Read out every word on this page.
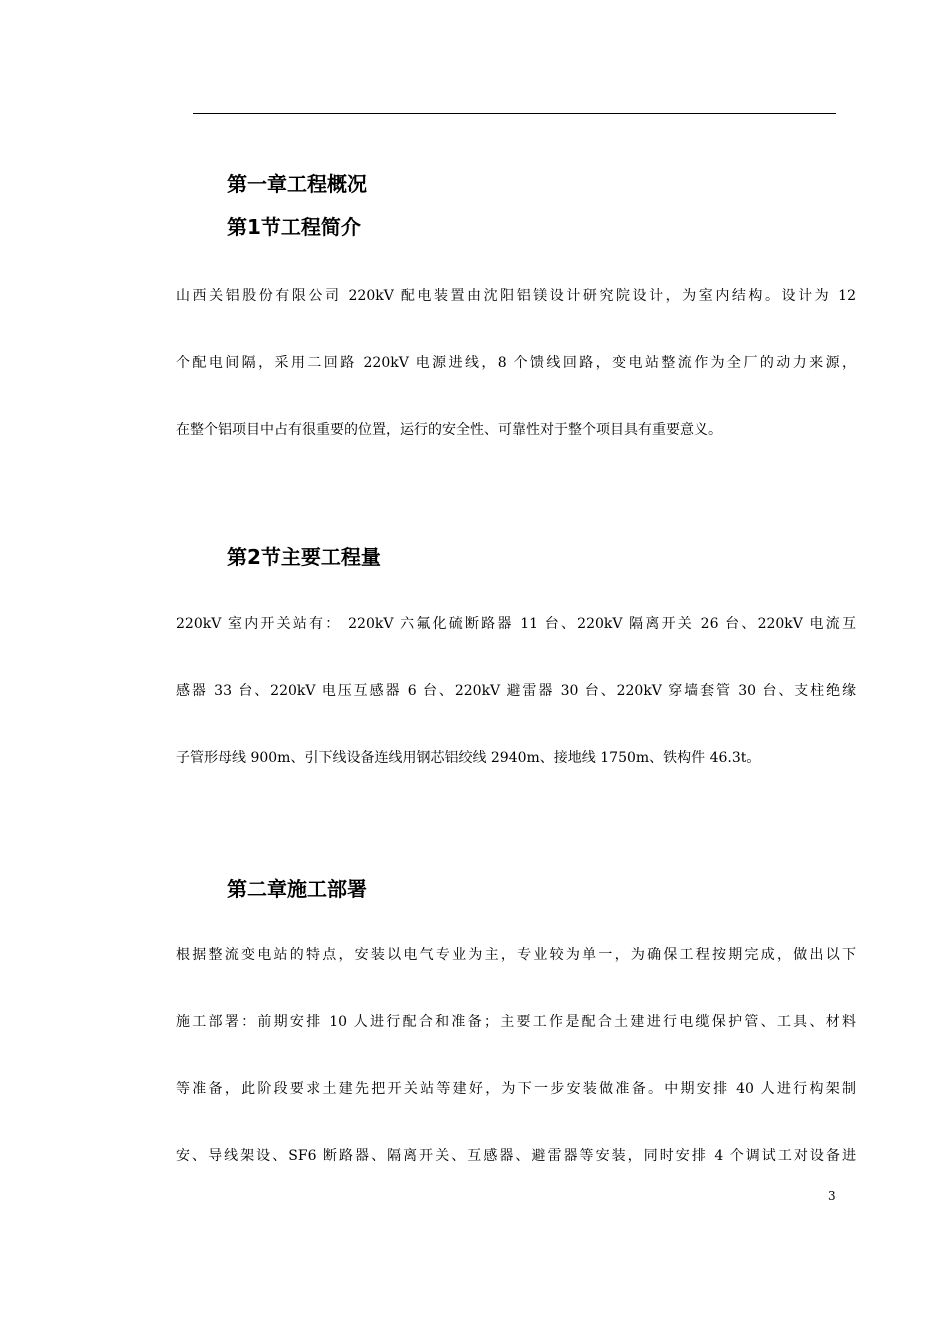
第一章工程概况
第1节工程简介
山西关铝股份有限公司 220kV 配电装置由沈阳铝镁设计研究院设计，为室内结构。设计为 12
个配电间隔，采用二回路 220kV 电源进线，8 个馈线回路，变电站整流作为全厂的动力来源，
在整个铝项目中占有很重要的位置，运行的安全性、可靠性对于整个项目具有重要意义。
第2节主要工程量
220kV 室内开关站有： 220kV 六氟化硫断路器 11 台、220kV 隔离开关 26 台、220kV 电流互
感器 33 台、220kV 电压互感器 6 台、220kV 避雷器 30 台、220kV 穿墙套管 30 台、支柱绝缘
子管形母线 900m、引下线设备连线用钢芯铝绞线 2940m、接地线 1750m、铁构件 46.3t。
第二章施工部署
根据整流变电站的特点，安装以电气专业为主，专业较为单一，为确保工程按期完成，做出以下
施工部署：前期安排 10 人进行配合和准备；主要工作是配合土建进行电缆保护管、工具、材料
等准备，此阶段要求土建先把开关站等建好，为下一步安装做准备。中期安排 40 人进行构架制
安、导线架设、SF6 断路器、隔离开关、互感器、避雷器等安装，同时安排 4 个调试工对设备进
3
